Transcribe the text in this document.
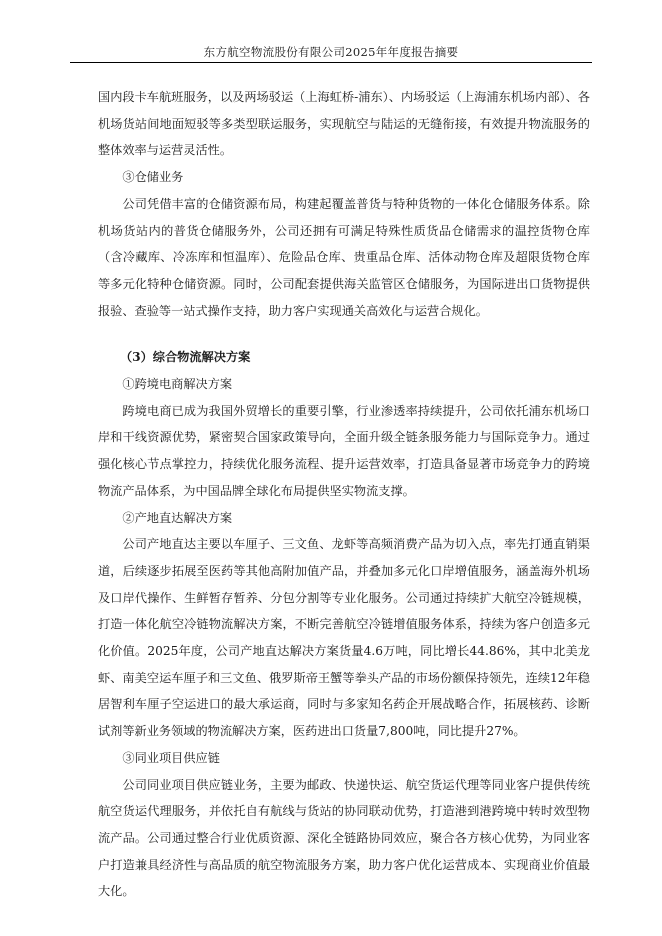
东方航空物流股份有限公司2025年年度报告摘要

国内段卡车航班服务，以及两场驳运（上海虹桥-浦东）、内场驳运（上海浦东机场内部）、各机场货站间地面短驳等多类型联运服务，实现航空与陆运的无缝衔接，有效提升物流服务的整体效率与运营灵活性。

③仓储业务

公司凭借丰富的仓储资源布局，构建起覆盖普货与特种货物的一体化仓储服务体系。除机场货站内的普货仓储服务外，公司还拥有可满足特殊性质货品仓储需求的温控货物仓库（含冷藏库、冷冻库和恒温库）、危险品仓库、贵重品仓库、活体动物仓库及超限货物仓库等多元化特种仓储资源。同时，公司配套提供海关监管区仓储服务，为国际进出口货物提供报验、查验等一站式操作支持，助力客户实现通关高效化与运营合规化。

（3）综合物流解决方案

①跨境电商解决方案

跨境电商已成为我国外贸增长的重要引擎，行业渗透率持续提升，公司依托浦东机场口岸和干线资源优势，紧密契合国家政策导向，全面升级全链条服务能力与国际竞争力。通过强化核心节点掌控力，持续优化服务流程、提升运营效率，打造具备显著市场竞争力的跨境物流产品体系，为中国品牌全球化布局提供坚实物流支撑。

②产地直达解决方案

公司产地直达主要以车厘子、三文鱼、龙虾等高频消费产品为切入点，率先打通直销渠道，后续逐步拓展至医药等其他高附加值产品，并叠加多元化口岸增值服务，涵盖海外机场及口岸代操作、生鲜暂存暂养、分包分割等专业化服务。公司通过持续扩大航空冷链规模，打造一体化航空冷链物流解决方案，不断完善航空冷链增值服务体系，持续为客户创造多元化价值。2025年度，公司产地直达解决方案货量4.6万吨，同比增长44.86%，其中北美龙虾、南美空运车厘子和三文鱼、俄罗斯帝王蟹等拳头产品的市场份额保持领先，连续12年稳居智利车厘子空运进口的最大承运商，同时与多家知名药企开展战略合作，拓展核药、诊断试剂等新业务领域的物流解决方案，医药进出口货量7,800吨，同比提升27%。

③同业项目供应链

公司同业项目供应链业务，主要为邮政、快递快运、航空货运代理等同业客户提供传统航空货运代理服务，并依托自有航线与货站的协同联动优势，打造港到港跨境中转时效型物流产品。公司通过整合行业优质资源、深化全链路协同效应，聚合各方核心优势，为同业客户打造兼具经济性与高品质的航空物流服务方案，助力客户优化运营成本、实现商业价值最大化。
